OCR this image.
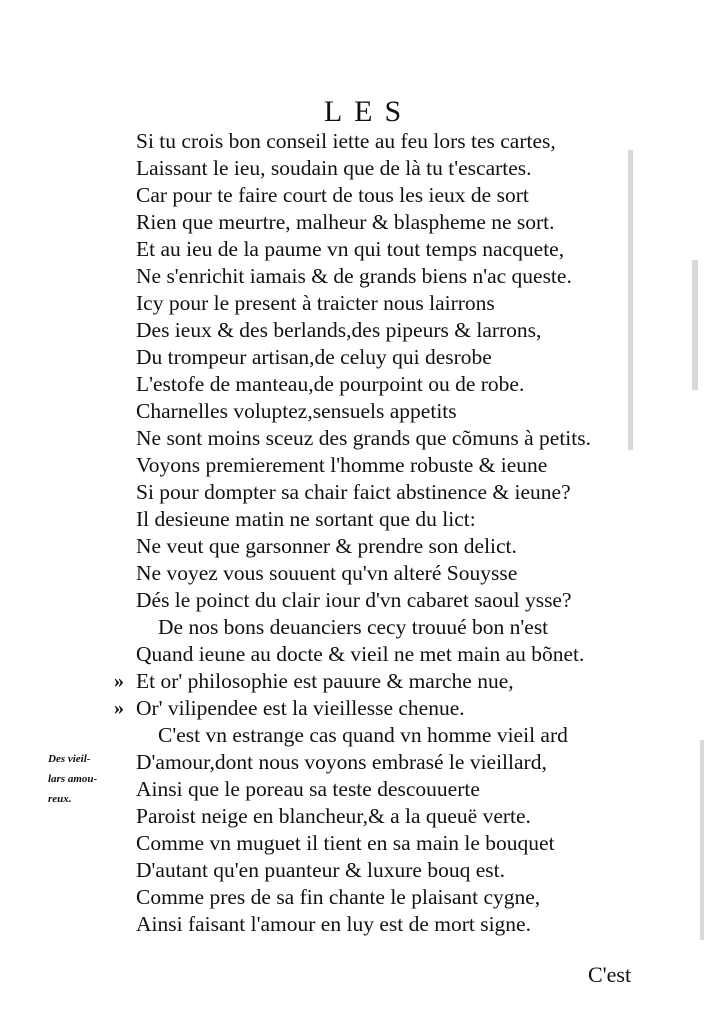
LES
Si tu crois bon conseil iette au feu lors tes cartes,
Laissant le ieu, soudain que de là tu t'escartes.
Car pour te faire court de tous les ieux de sort
Rien que meurtre, malheur & blaspheme ne sort.
Et au ieu de la paume vn qui tout temps nacquete,
Ne s'enrichit iamais & de grands biens n'ac queste.
Icy pour le present à traicter nous lairrons
Des ieux & des berlands,des pipeurs & larrons,
Du trompeur artisan,de celuy qui desrobe
L'estofe de manteau,de pourpoint ou de robe.
Charnelles voluptez,sensuels appetits
Ne sont moins sceuz des grands que cõmuns à petits.
Voyons premierement l'homme robuste & ieune
Si pour dompter sa chair faict abstinence & ieune?
Il desieune matin ne sortant que du lict:
Ne veut que garsonner & prendre son delict.
Ne voyez vous souuent qu'vn alteré Souysse
Dés le poinct du clair iour d'vn cabaret saoul ysse?
De nos bons deuanciers cecy trouué bon n'est
Quand ieune au docte & vieil ne met main au bõnet.
Et or' philosophie est pauure & marche nue,
Or' vilipendee est la vieillesse chenue.
C'est vn estrange cas quand vn homme vieil ard
D'amour,dont nous voyons embrasé le vieillard,
Ainsi que le poreau sa teste descouuerte
Paroist neige en blancheur,& a la queuë verte.
Comme vn muguet il tient en sa main le bouquet
D'autant qu'en puanteur & luxure bouq est.
Comme pres de sa fin chante le plaisant cygne,
Ainsi faisant l'amour en luy est de mort signe.
»
»
Des vieil-
lars amou-
reux.
C'est
